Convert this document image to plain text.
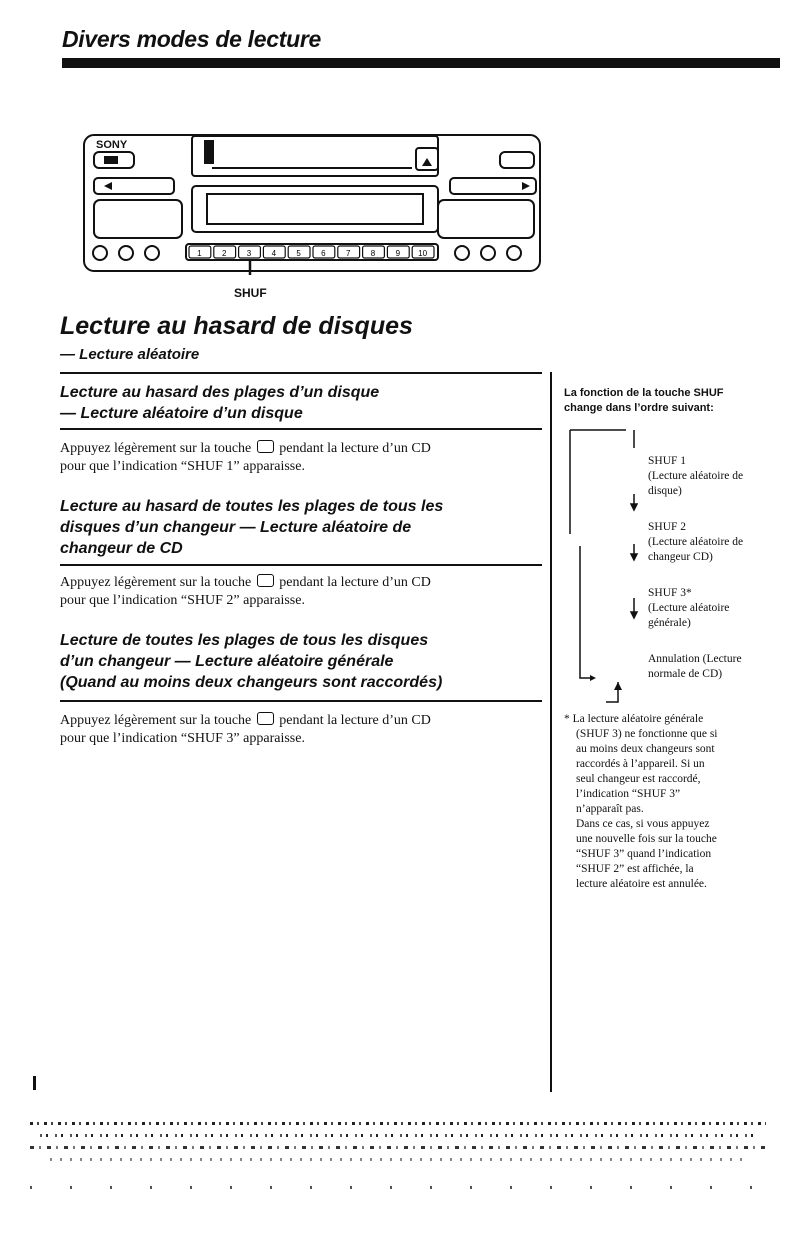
Divers modes de lecture
1	2	3	4	5	6	7	8	9 10
SONY
SHUF
Lecture au hasard de disques
— Lecture aléatoire
Lecture au hasard des plages d’un disque
— Lecture aléatoire d’un disque
Appuyez légèrement sur la touche pendant la lecture d’un CD
pour que l’indication “SHUF 1” apparaisse.
Lecture au hasard de toutes les plages de tous les
disques d’un changeur — Lecture aléatoire de
changeur de CD
Appuyez légèrement sur la touche pendant la lecture d’un CD
pour que l’indication “SHUF 2” apparaisse.
Lecture de toutes les plages de tous les disques
d’un changeur — Lecture aléatoire générale
(Quand au moins deux changeurs sont raccordés)
Appuyez légèrement sur la touche pendant la lecture d’un CD
pour que l’indication “SHUF 3” apparaisse.
La fonction de la touche SHUF
change dans l’ordre suivant:
SHUF 1
(Lecture aléatoire de
disque)
SHUF 2
(Lecture aléatoire de
changeur CD)
SHUF 3*
(Lecture aléatoire
générale)
Annulation (Lecture
normale de CD)
* La lecture aléatoire générale
(SHUF 3) ne fonctionne que si
au moins deux changeurs sont
raccordés à l’appareil. Si un
seul changeur est raccordé,
l’indication “SHUF 3”
n’apparaît pas.
Dans ce cas, si vous appuyez
une nouvelle fois sur la touche
“SHUF 3” quand l’indication
“SHUF 2” est affichée, la
lecture aléatoire est annulée.
